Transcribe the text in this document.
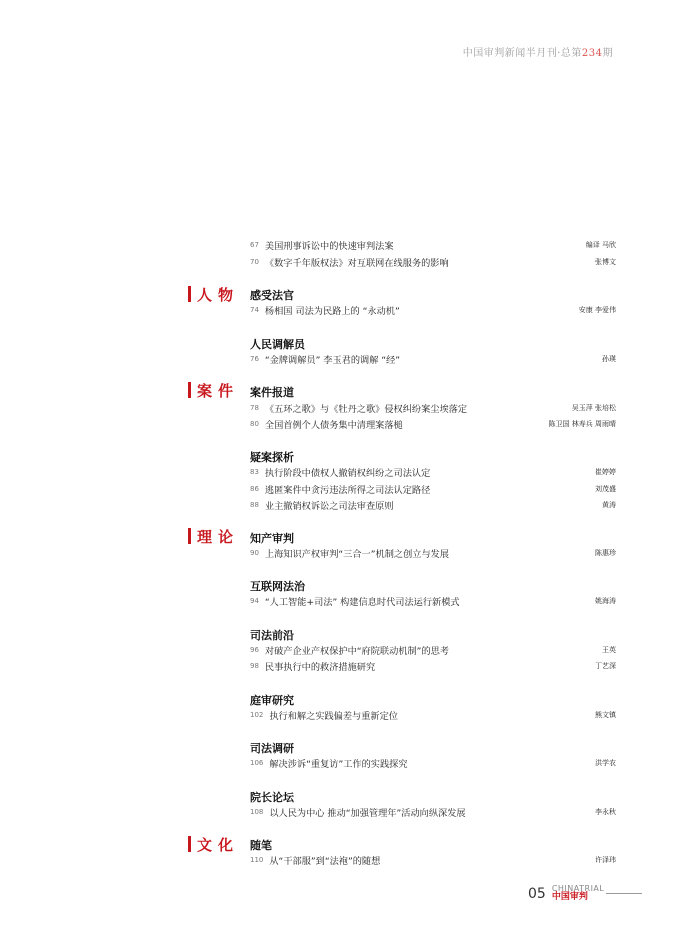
中国审判新闻半月刊·总第234期
人物
案件
理论
文化
67 美国刑事诉讼中的快速审判法案	编译 马欣
70 《数字千年版权法》对互联网在线服务的影响	张博文
感受法官
74 杨相国 司法为民路上的 “永动机”	安康 李爱伟
人民调解员
76 “金牌调解员” 李玉君的调解 “经”	孙瑛
案件报道
78 《五环之歌》与《牡丹之歌》侵权纠纷案尘埃落定	吴玉萍 张培松
80 全国首例个人债务集中清理案落槌	陈卫国 林寿兵 周雨晴
疑案探析
83 执行阶段中债权人撤销权纠纷之司法认定	崔婷婷
86 逃匿案件中贪污违法所得之司法认定路径	刘茂盛
88 业主撤销权诉讼之司法审查原则	黄涛
知产审判
90 上海知识产权审判“三合一”机制之创立与发展	陈惠珍
互联网法治
94 “人工智能+司法” 构建信息时代司法运行新模式	姚海涛
司法前沿
96 对破产企业产权保护中“府院联动机制”的思考	王英
98 民事执行中的救济措施研究	丁艺深
庭审研究
102 执行和解之实践偏差与重新定位	熊文镇
司法调研
106 解决涉诉“重复访”工作的实践探究	洪学农
院长论坛
108 以人民为中心 推动“加强管理年”活动向纵深发展	李永秋
随笔
110 从“干部服”到“法袍”的随想	许泽玮
05 CHINATRIAL
中国审判
